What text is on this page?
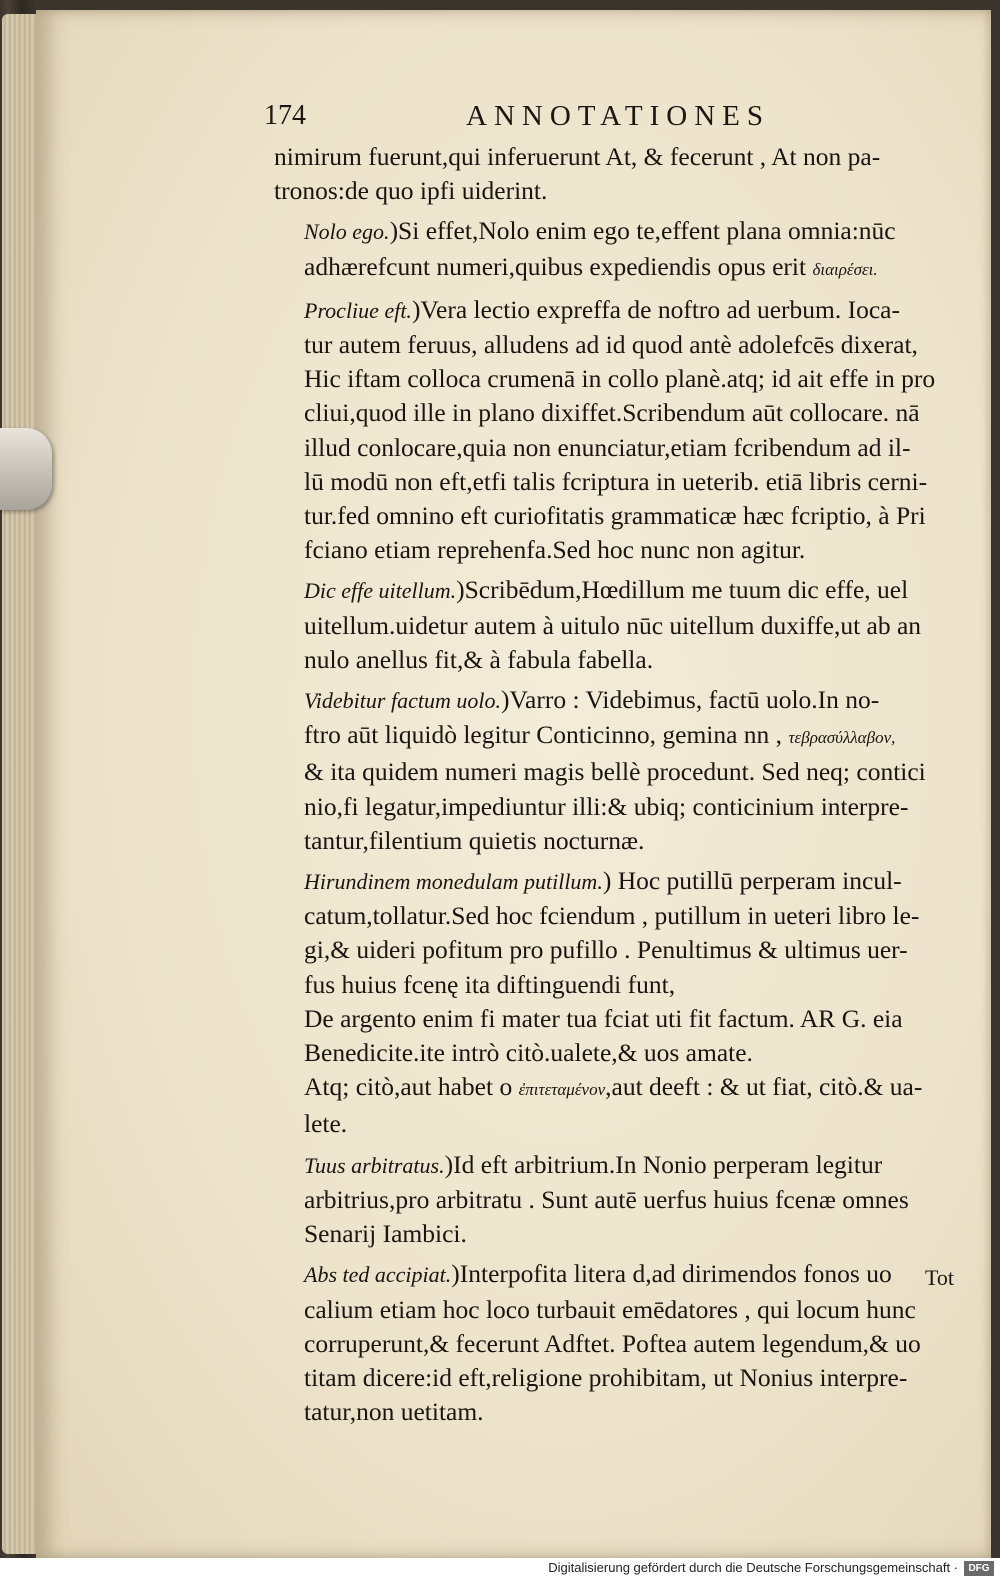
174	ANNOTATIONES

nimirum fuerunt,qui inferuerunt At, & fecerunt , At non pa-
tronos:de quo ipfi uiderint.

Nolo ego.)Si effet,Nolo enim ego te,effent plana omnia:nūc
adhærefcunt numeri,quibus expediendis opus erit διαιρέσει.

Procliue eft.)Vera lectio expreffa de noftro ad uerbum. Ioca-
tur autem feruus, alludens ad id quod antè adolefcēs dixerat,
Hic iftam colloca crumenā in collo planè.atq; id ait effe in pro
cliui,quod ille in plano dixiffet.Scribendum aūt collocare. nā
illud conlocare,quia non enunciatur,etiam fcribendum ad il-
lū modū non eft,etfi talis fcriptura in ueterib. etiā libris cerni-
tur.fed omnino eft curiofitatis grammaticæ hæc fcriptio, à Pri
fciano etiam reprehenfa.Sed hoc nunc non agitur.

Dic effe uitellum.)Scribēdum,Hœdillum me tuum dic effe, uel
uitellum.uidetur autem à uitulo nūc uitellum duxiffe,ut ab an
nulo anellus fit,& à fabula fabella.

Videbitur factum uolo.)Varro : Videbimus, factū uolo.In no-
ftro aūt liquidò legitur Conticinno, gemina nn , τεβρασύλλαβον,
& ita quidem numeri magis bellè procedunt. Sed neq; contici
nio,fi legatur,impediuntur illi:& ubiq; conticinium interpre-
tantur,filentium quietis nocturnæ.

Hirundinem monedulam putillum.) Hoc putillū perperam incul-
catum,tollatur.Sed hoc fciendum , putillum in ueteri libro le-
gi,& uideri pofitum pro pufillo . Penultimus & ultimus uer-
fus huius fcenę ita diftinguendi funt,
De argento enim fi mater tua fciat uti fit factum. AR G. eia
Benedicite.ite intrò citò.ualete,& uos amate.
Atq; citò,aut habet o ἐπιτεταμένον,aut deeft : & ut fiat, citò.& ua-
lete.

Tuus arbitratus.)Id eft arbitrium.In Nonio perperam legitur
arbitrius,pro arbitratu . Sunt autē uerfus huius fcenæ omnes
Senarij Iambici.

Abs ted accipiat.)Interpofita litera d,ad dirimendos fonos uo
calium etiam hoc loco turbauit emēdatores , qui locum hunc
corruperunt,& fecerunt Adftet. Poftea autem legendum,& uo
titam dicere:id eft,religione prohibitam, ut Nonius interpre-
tatur,non uetitam.

Tot
Digitalisierung gefördert durch die Deutsche Forschungsgemeinschaft ·	DFG
